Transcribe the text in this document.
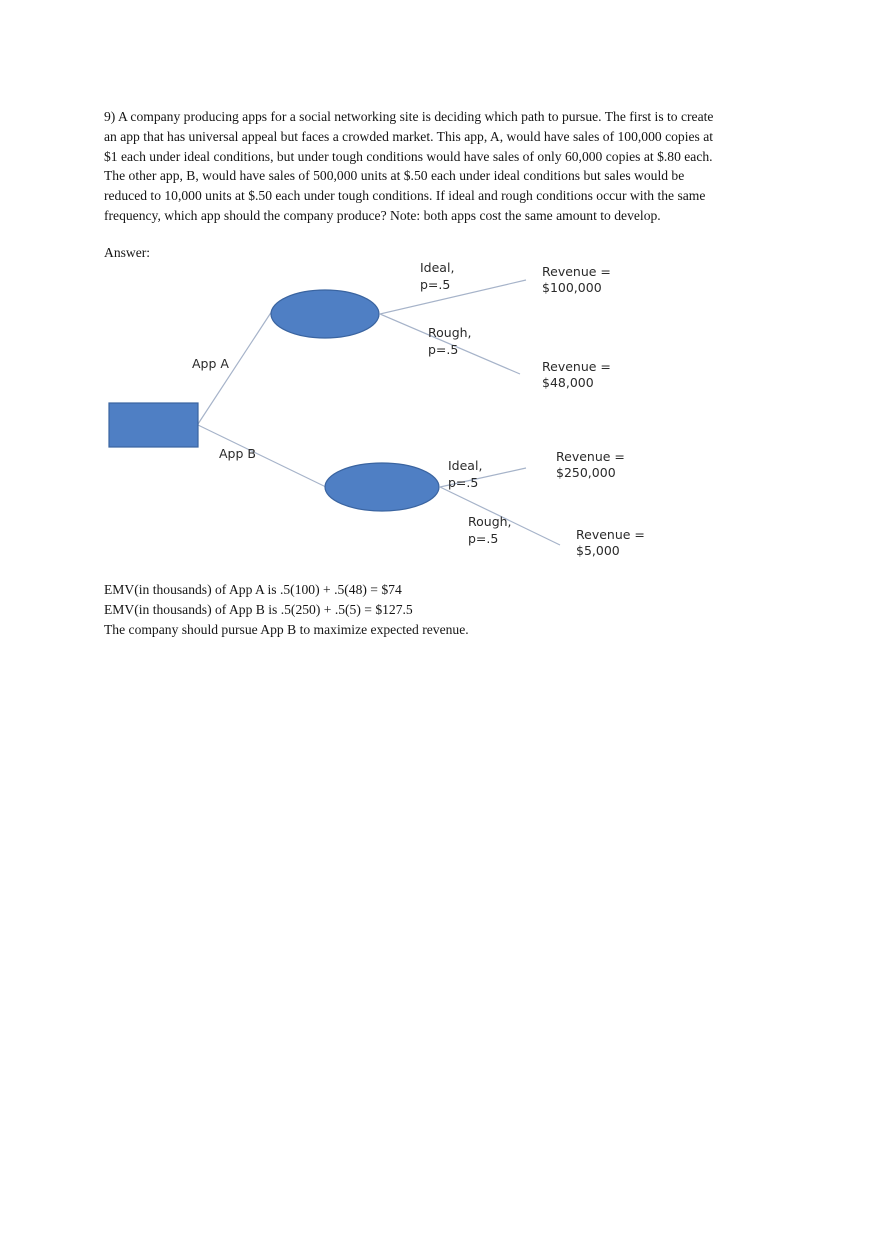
9) A company producing apps for a social networking site is deciding which path to pursue. The first is to create an app that has universal appeal but faces a crowded market. This app, A, would have sales of 100,000 copies at $1 each under ideal conditions, but under tough conditions would have sales of only 60,000 copies at $.80 each. The other app, B, would have sales of 500,000 units at $.50 each under ideal conditions but sales would be reduced to 10,000 units at $.50 each under tough conditions. If ideal and rough conditions occur with the same frequency, which app should the company produce? Note: both apps cost the same amount to develop.

Answer:
App A
App B
Ideal,
p=.5
Rough,
p=.5
Ideal,
p=.5
Rough,
p=.5
Revenue =
$100,000
Revenue =
$48,000
Revenue =
$250,000
Revenue =
$5,000
EMV(in thousands) of App A is .5(100) + .5(48) = $74
EMV(in thousands) of App B is .5(250) + .5(5) = $127.5
The company should pursue App B to maximize expected revenue.
